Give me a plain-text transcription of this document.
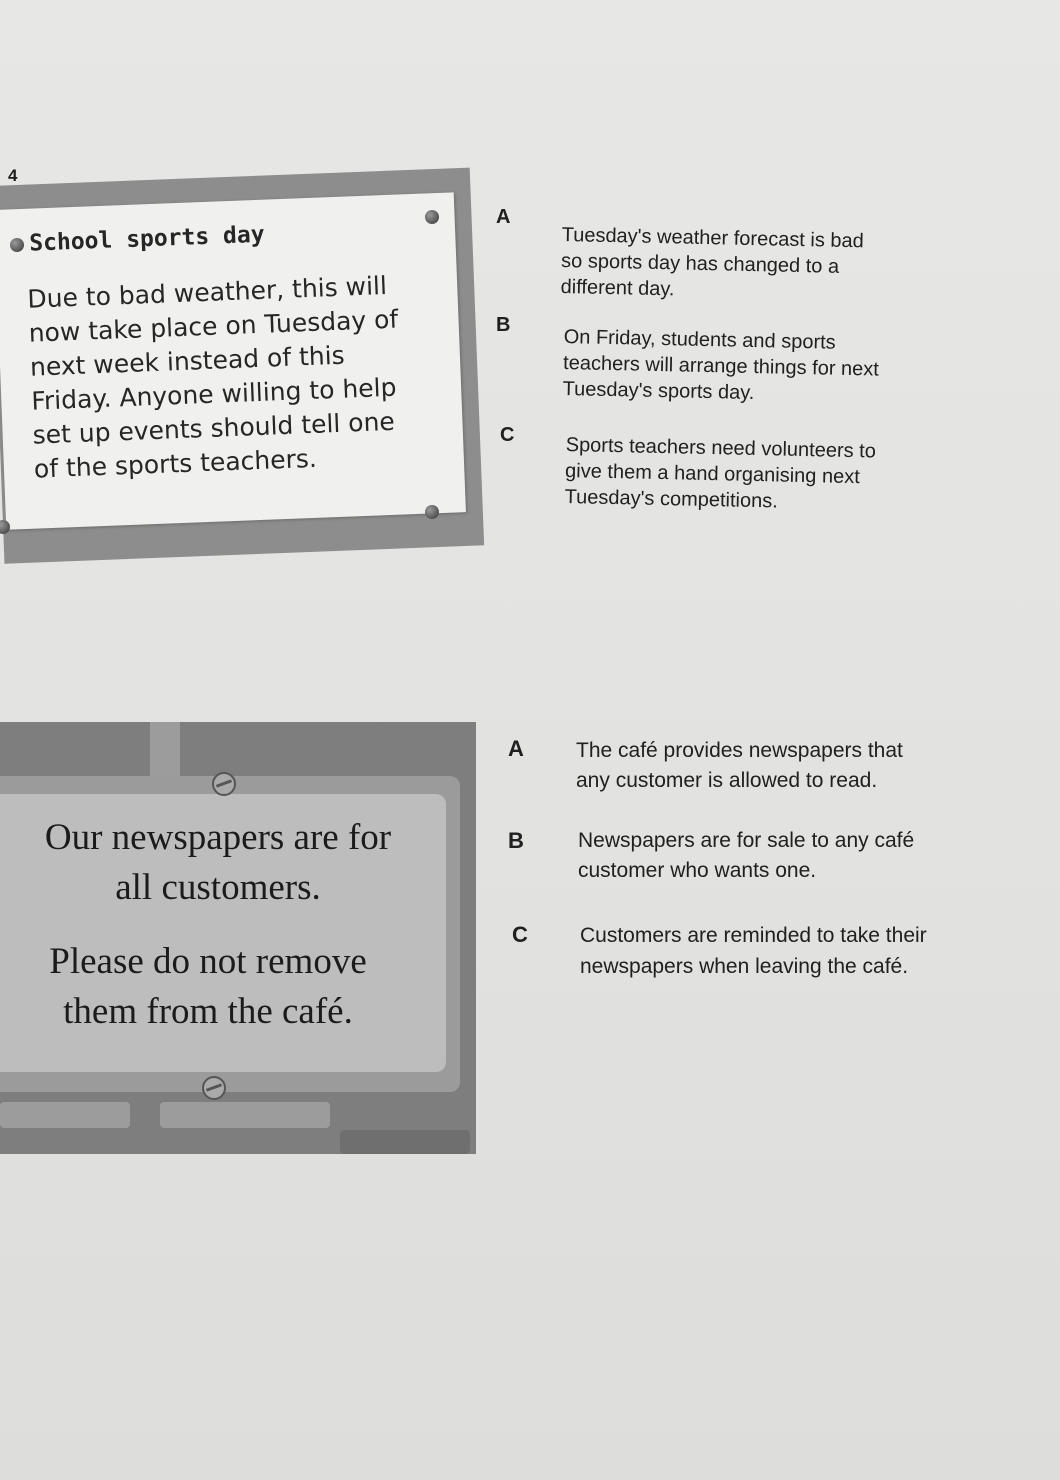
4
School sports day
Due to bad weather, this will
now take place on Tuesday of
next week instead of this
Friday. Anyone willing to help
set up events should tell one
of the sports teachers.
A
Tuesday's weather forecast is bad
so sports day has changed to a
different day.
B
On Friday, students and sports
teachers will arrange things for next
Tuesday's sports day.
C	Sports teachers need volunteers to
give them a hand organising next
Tuesday's competitions.
Our newspapers are for
all customers.
Please do not remove
them from the café.
A The café provides newspapers that
any customer is allowed to read.
B	Newspapers are for sale to any café
customer who wants one.
C Customers are reminded to take their
newspapers when leaving the café.
